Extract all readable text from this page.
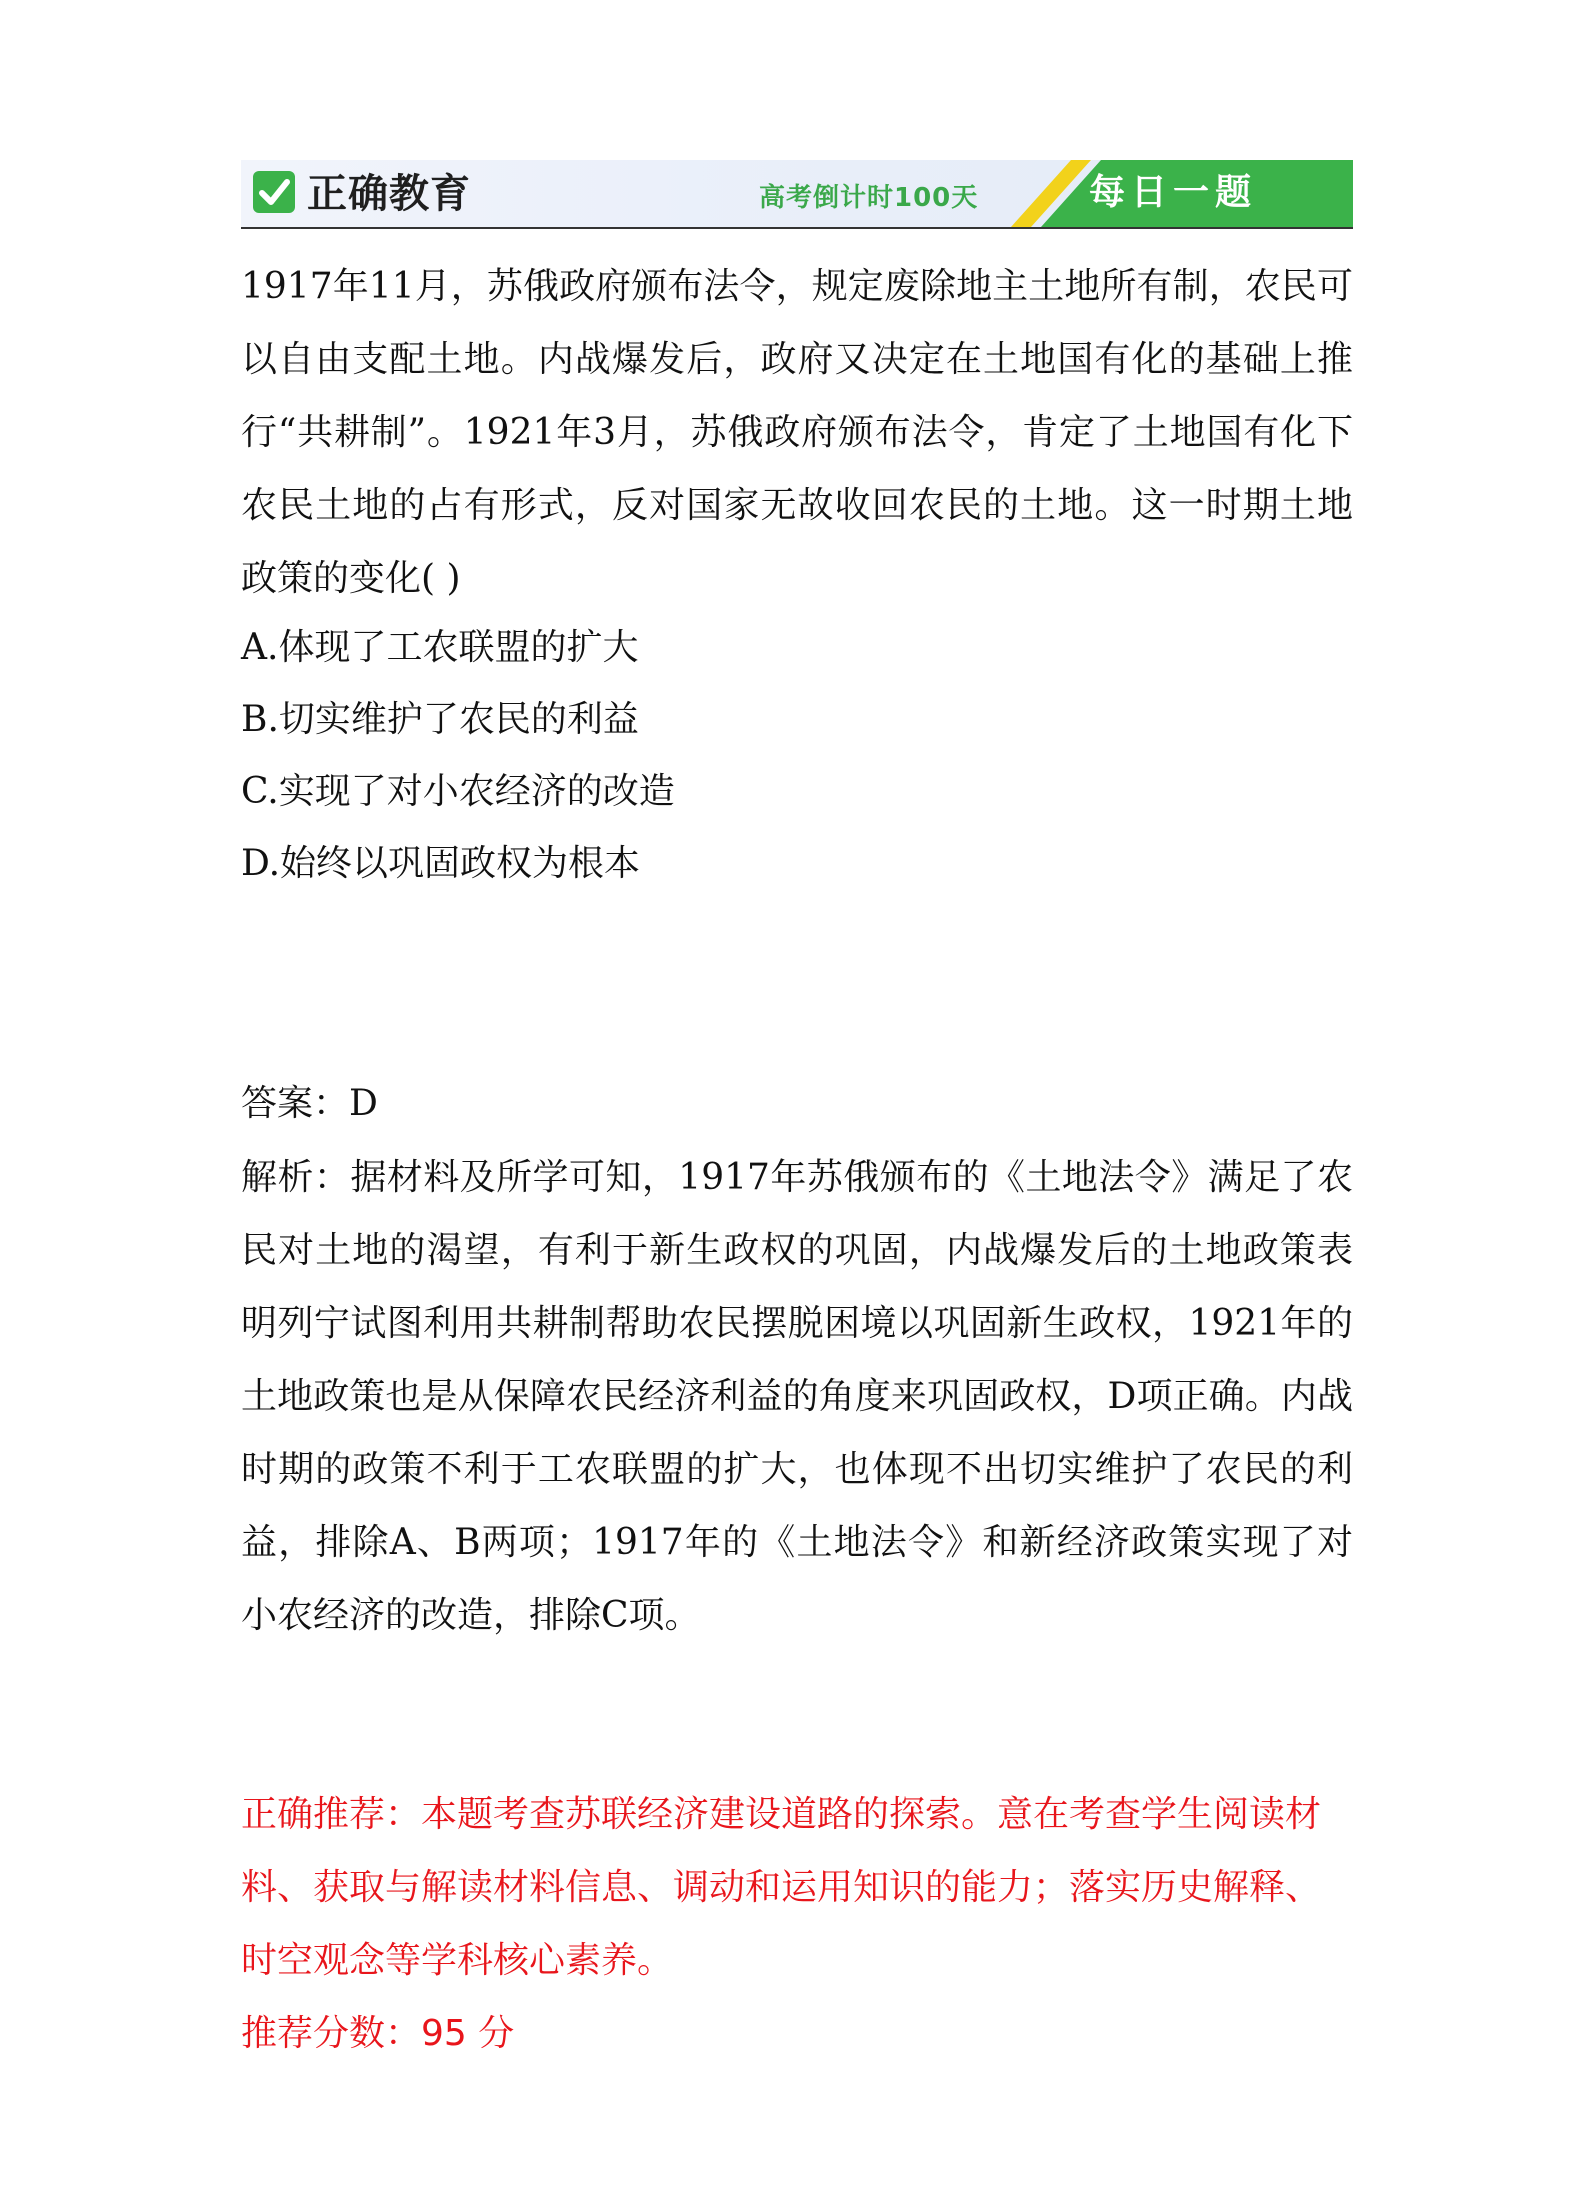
正确教育	高考倒计时100天	每日一题

1917年11月，苏俄政府颁布法令，规定废除地主土地所有制，农民可以自由支配土地。内战爆发后，政府又决定在土地国有化的基础上推行“共耕制”。1921年3月，苏俄政府颁布法令，肯定了土地国有化下农民土地的占有形式，反对国家无故收回农民的土地。这一时期土地政策的变化( )

A.体现了工农联盟的扩大

B.切实维护了农民的利益

C.实现了对小农经济的改造

D.始终以巩固政权为根本

答案：D

解析：据材料及所学可知，1917年苏俄颁布的《土地法令》满足了农民对土地的渴望，有利于新生政权的巩固，内战爆发后的土地政策表明列宁试图利用共耕制帮助农民摆脱困境以巩固新生政权，1921年的土地政策也是从保障农民经济利益的角度来巩固政权，D项正确。内战时期的政策不利于工农联盟的扩大，也体现不出切实维护了农民的利益，排除A、B两项；1917年的《土地法令》和新经济政策实现了对小农经济的改造，排除C项。

正确推荐：本题考查苏联经济建设道路的探索。意在考查学生阅读材料、获取与解读材料信息、调动和运用知识的能力；落实历史解释、时空观念等学科核心素养。

推荐分数：95 分
